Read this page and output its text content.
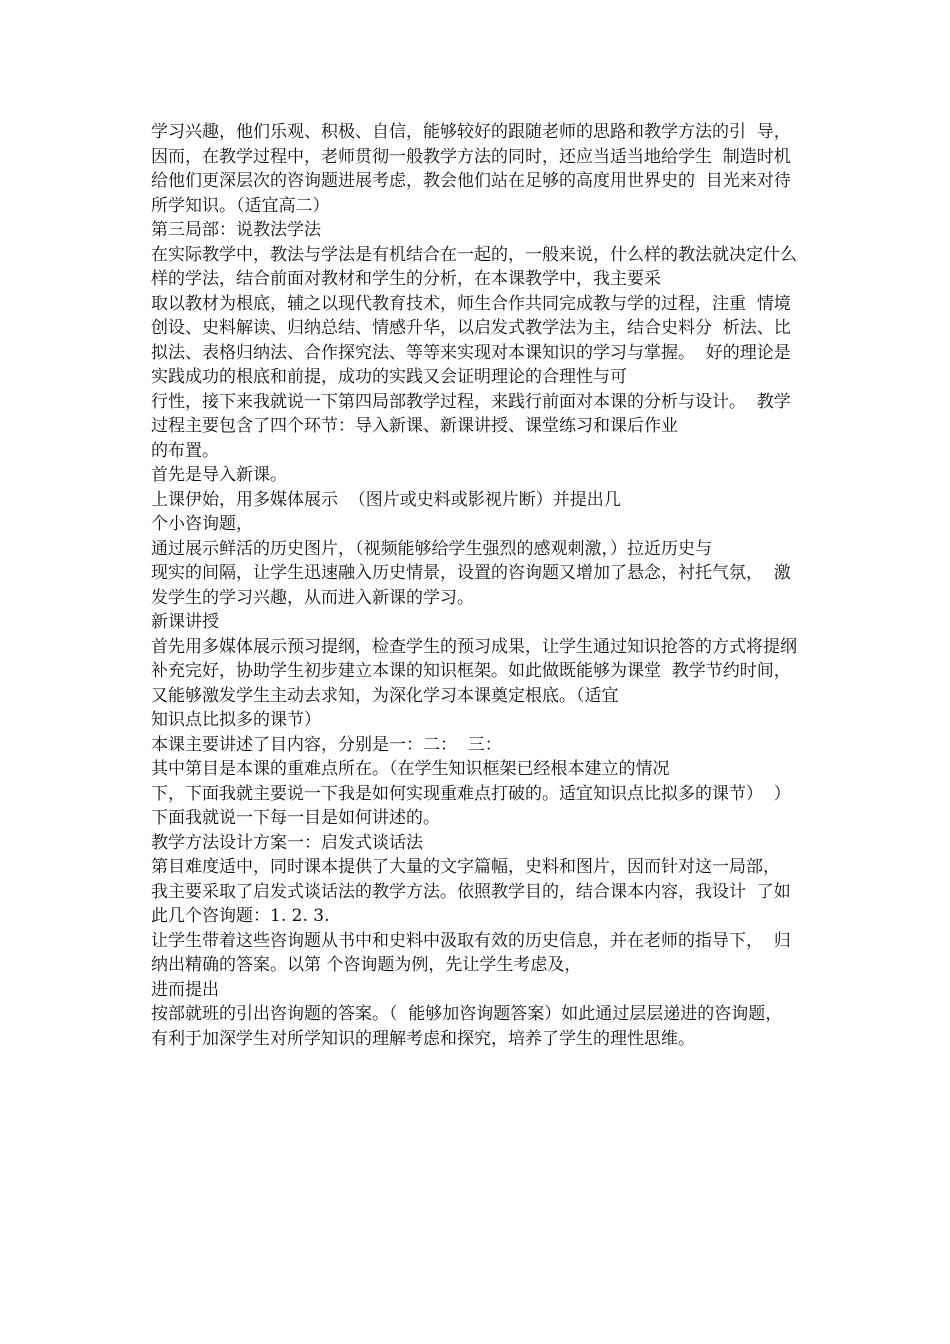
学习兴趣，他们乐观、积极、自信，能够较好的跟随老师的思路和教学方法的引  导，因而，在教学过程中，老师贯彻一般教学方法的同时，还应当适当地给学生  制造时机给他们更深层次的咨询题进展考虑，教会他们站在足够的高度用世界史的  目光来对待所学知识。（适宜高二）

第三局部：说教法学法

在实际教学中，教法与学法是有机结合在一起的，一般来说，什么样的教法就决定什么样的学法，结合前面对教材和学生的分析，在本课教学中，我主要采

取以教材为根底，辅之以现代教育技术，师生合作共同完成教与学的过程，注重  情境创设、史料解读、归纳总结、情感升华，以启发式教学法为主，结合史料分  析法、比拟法、表格归纳法、合作探究法、等等来实现对本课知识的学习与掌握。  好的理论是实践成功的根底和前提，成功的实践又会证明理论的合理性与可

行性，接下来我就说一下第四局部教学过程，来践行前面对本课的分析与设计。  教学过程主要包含了四个环节：导入新课、新课讲授、课堂练习和课后作业

的布置。

首先是导入新课。

上课伊始，用多媒体展示  （图片或史料或影视片断）并提出几

个小咨询题，

通过展示鲜活的历史图片，（视频能够给学生强烈的感观刺激，）拉近历史与

现实的间隔，让学生迅速融入历史情景，设置的咨询题又增加了悬念，衬托气氛，  激发学生的学习兴趣，从而进入新课的学习。

新课讲授

首先用多媒体展示预习提纲，检查学生的预习成果，让学生通过知识抢答的方式将提纲补充完好，协助学生初步建立本课的知识框架。如此做既能够为课堂  教学节约时间，又能够激发学生主动去求知，为深化学习本课奠定根底。（适宜

知识点比拟多的课节）

本课主要讲述了目内容，分别是一：二：  三：

其中第目是本课的重难点所在。（在学生知识框架已经根本建立的情况

下，下面我就主要说一下我是如何实现重难点打破的。适宜知识点比拟多的课节）  ）下面我就说一下每一目是如何讲述的。

教学方法设计方案一：启发式谈话法

第目难度适中，同时课本提供了大量的文字篇幅，史料和图片，因而针对这一局部，  我主要采取了启发式谈话法的教学方法。依照教学目的，结合课本内容，我设计  了如此几个咨询题：1. 2. 3.

让学生带着这些咨询题从书中和史料中汲取有效的历史信息，并在老师的指导下，  归纳出精确的答案。以第 个咨询题为例，先让学生考虑及，

进而提出

按部就班的引出咨询题的答案。（  能够加咨询题答案）如此通过层层递进的咨询题，  有利于加深学生对所学知识的理解考虑和探究，培养了学生的理性思维。
